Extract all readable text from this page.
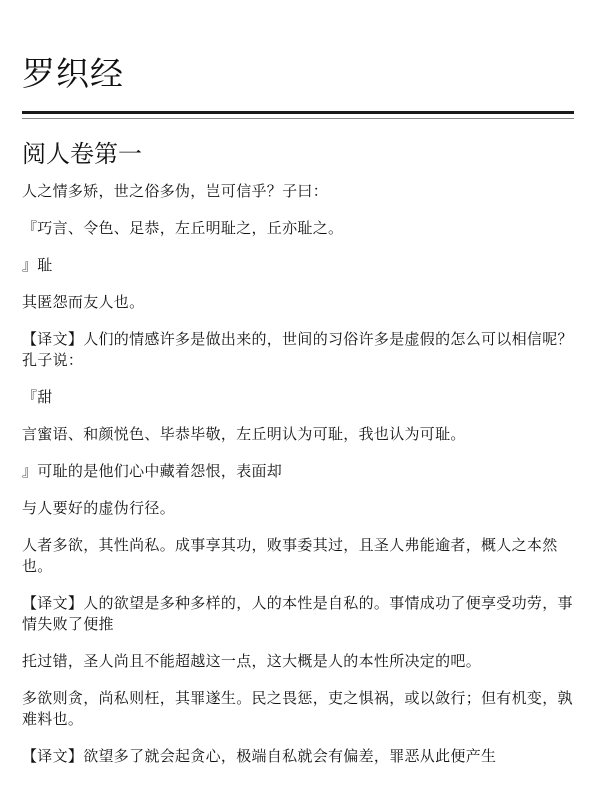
罗织经
阅人卷第一

人之情多矫，世之俗多伪，岂可信乎？子曰：

『巧言、令色、足恭，左丘明耻之，丘亦耻之。

』耻

其匿怨而友人也。

【译文】人们的情感许多是做出来的，世间的习俗许多是虚假的怎么可以相信呢？孔子说：

『甜

言蜜语、和颜悦色、毕恭毕敬，左丘明认为可耻，我也认为可耻。

』可耻的是他们心中藏着怨恨，表面却

与人要好的虚伪行径。

人者多欲，其性尚私。成事享其功，败事委其过，且圣人弗能逾者，概人之本然也。

【译文】人的欲望是多种多样的，人的本性是自私的。事情成功了便享受功劳，事情失败了便推

托过错，圣人尚且不能超越这一点，这大概是人的本性所决定的吧。

多欲则贪，尚私则枉，其罪遂生。民之畏惩，吏之惧祸，或以敛行；但有机变，孰难料也。

【译文】欲望多了就会起贪心，极端自私就会有偏差，罪恶从此便产生
